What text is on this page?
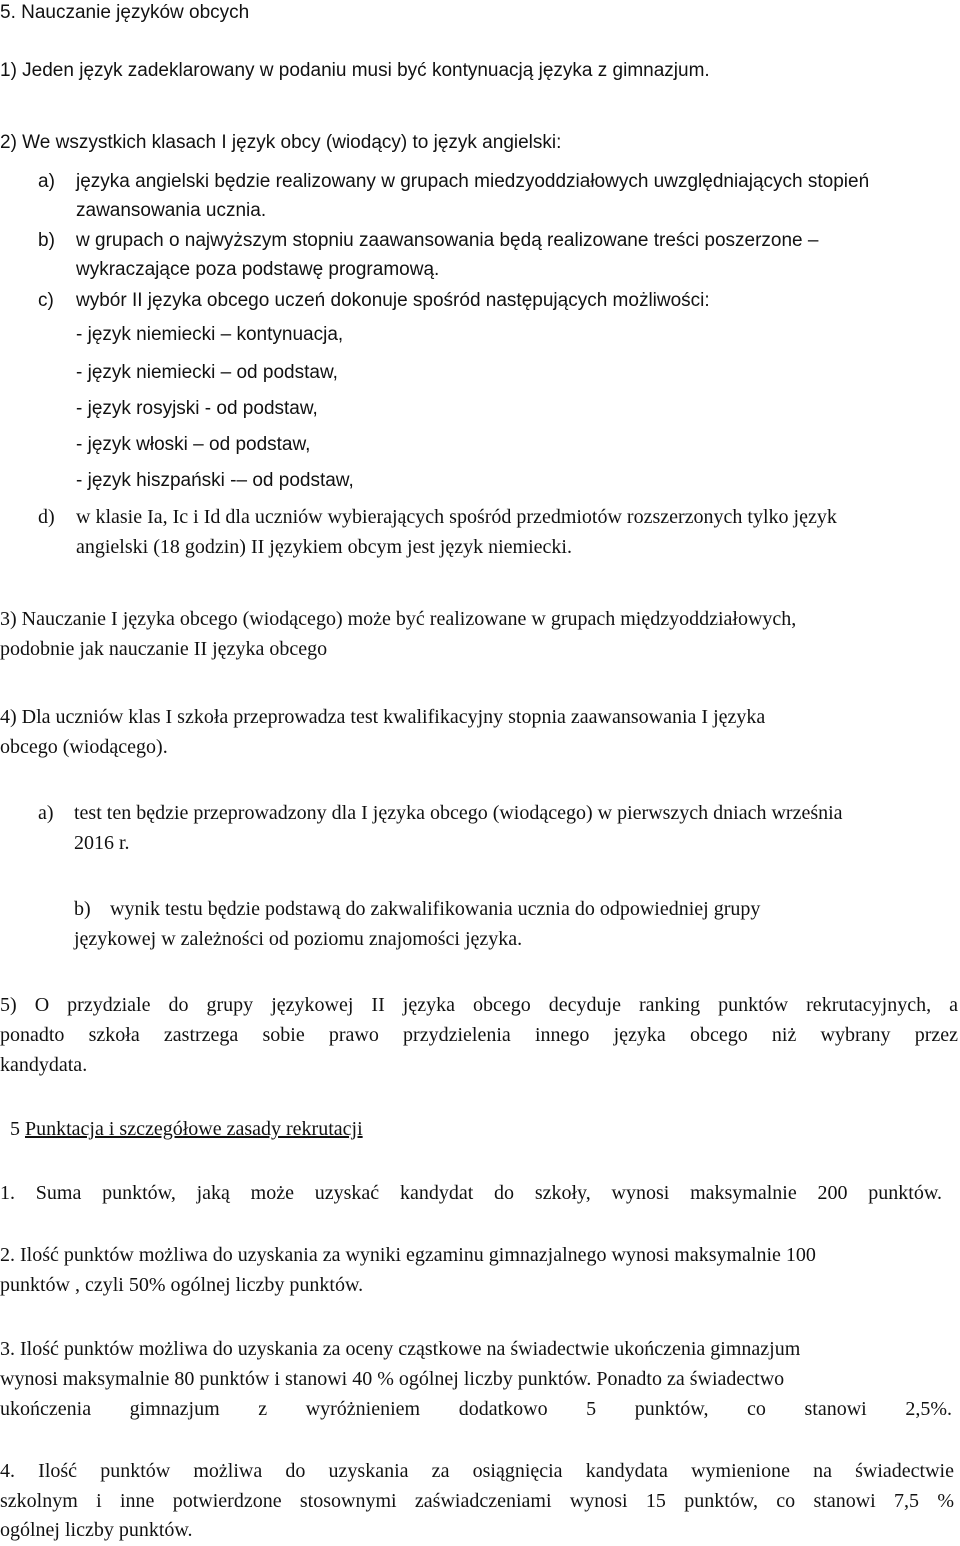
5. Nauczanie języków obcych
1) Jeden język zadeklarowany w podaniu musi być kontynuacją języka z gimnazjum.
2) We wszystkich klasach I język obcy (wiodący) to język angielski:
a) języka angielski będzie realizowany w grupach miedzyoddziałowych uwzględniających stopień
zawansowania ucznia.
b) w grupach o najwyższym stopniu zaawansowania będą realizowane treści poszerzone –
wykraczające poza podstawę programową.
c) wybór II języka obcego uczeń dokonuje spośród następujących możliwości:
- język niemiecki – kontynuacja,
- język niemiecki – od podstaw,
- język rosyjski - od podstaw,
- język włoski – od podstaw,
- język hiszpański -– od podstaw,
d) w klasie Ia, Ic i Id dla uczniów wybierających spośród przedmiotów rozszerzonych tylko język
angielski (18 godzin) II językiem obcym jest język niemiecki.
3) Nauczanie I języka obcego (wiodącego) może być realizowane w grupach międzyoddziałowych,
podobnie jak nauczanie II języka obcego
4) Dla uczniów klas I szkoła przeprowadza test kwalifikacyjny stopnia zaawansowania I języka
obcego (wiodącego).
a) test ten będzie przeprowadzony dla I języka obcego (wiodącego) w pierwszych dniach września
2016 r.
b) wynik testu będzie podstawą do zakwalifikowania ucznia do odpowiedniej grupy
językowej w zależności od poziomu znajomości języka.
5) O przydziale do grupy językowej II języka obcego decyduje ranking punktów rekrutacyjnych, a
ponadto szkoła zastrzega sobie prawo przydzielenia innego języka obcego niż wybrany przez
kandydata.
5 Punktacja i szczegółowe zasady rekrutacji
1. Suma punktów, jaką może uzyskać kandydat do szkoły, wynosi maksymalnie 200 punktów.
2. Ilość punktów możliwa do uzyskania za wyniki egzaminu gimnazjalnego wynosi maksymalnie 100
punktów , czyli 50% ogólnej liczby punktów.
3. Ilość punktów możliwa do uzyskania za oceny cząstkowe na świadectwie ukończenia gimnazjum
wynosi maksymalnie 80 punktów i stanowi 40 % ogólnej liczby punktów. Ponadto za świadectwo
ukończenia gimnazjum z wyróżnieniem dodatkowo 5 punktów, co stanowi 2,5%.
4. Ilość punktów możliwa do uzyskania za osiągnięcia kandydata wymienione na świadectwie
szkolnym i inne potwierdzone stosownymi zaświadczeniami wynosi 15 punktów, co stanowi 7,5 %
ogólnej liczby punktów.
